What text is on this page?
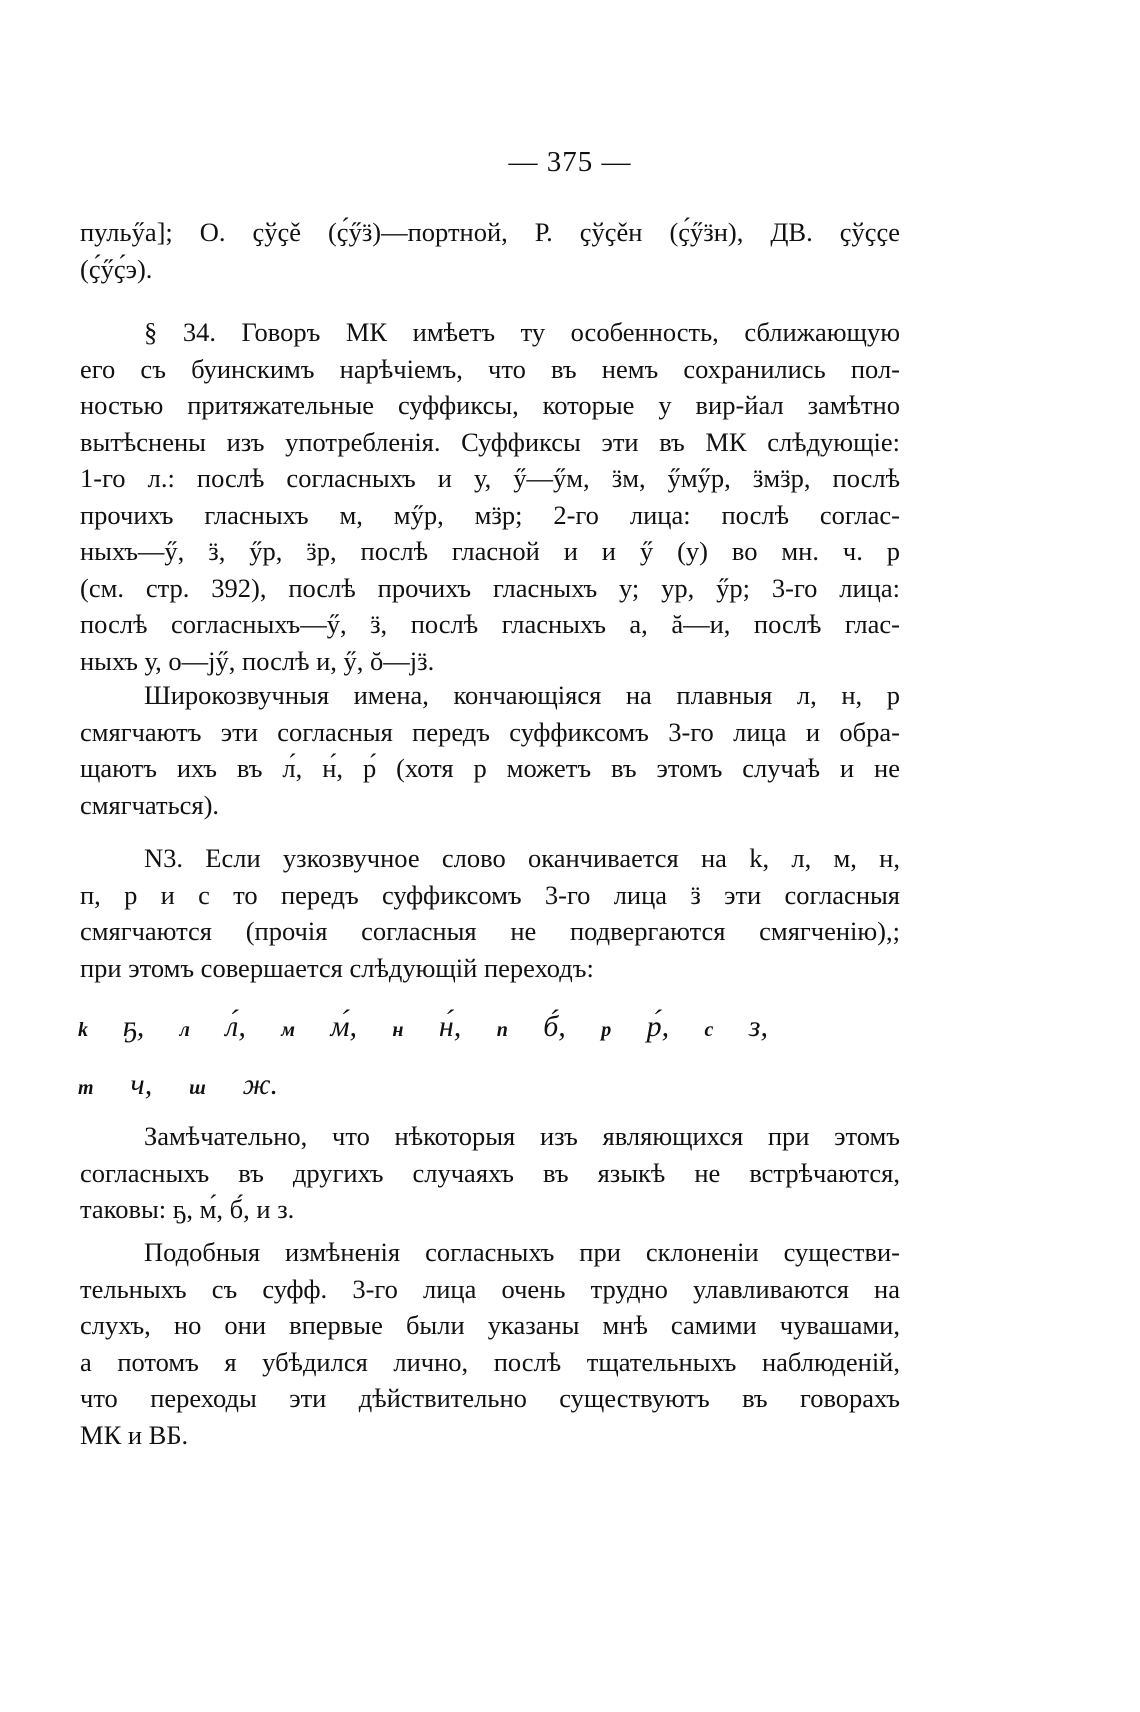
— 375 —
пульӳа]; О. ҫўҫě (ҫ́ӳӟ)—портной, Р. ҫўҫěн (ҫ́ӳӟн), ДВ. ҫўҫҫе
(ҫ́ӳҫ́э).
§ 34. Говоръ МК имѣетъ ту особенность, сближающую
его съ буинскимъ нарѣчіемъ, что въ немъ сохранились пол-
ностью притяжательные суффиксы, которые у вир-йал замѣтно
вытѣснены изъ употребленія. Суффиксы эти въ МК слѣдующіе:
1-го л.: послѣ согласныхъ и у, ӳ—ӳм, ӟм, ӳмӳр, ӟмӟр, послѣ
прочихъ гласныхъ м, мӳр, мӟр; 2-го лица: послѣ соглас-
ныхъ—ӳ, ӟ, ӳр, ӟр, послѣ гласной и и ӳ (у) во мн. ч. р
(см. стр. 392), послѣ прочихъ гласныхъ у; ур, ӳр; 3-го лица:
послѣ согласныхъ—ӳ, ӟ, послѣ гласныхъ а, ă—и, послѣ глас-
ныхъ у, о—јӳ, послѣ и, ӳ, ŏ—јӟ.
Широкозвучныя имена, кончающіяся на плавныя л, н, р
смягчаютъ эти согласныя передъ суффиксомъ 3-го лица и обра-
щаютъ ихъ въ л́, н́, р́ (хотя р можетъ въ этомъ случаѣ и не
смягчаться).
N3. Если узкозвучное слово оканчивается на k, л, м, н,
п, р и с то передъ суффиксомъ 3-го лица ӟ эти согласныя
смягчаются (прочія согласныя не подвергаются смягченію),;
при этомъ совершается слѣдующій переходъ:
k ҕ, л л́, м м́, н н́, п б́, р р́, с з,
т ч, ш ж.
Замѣчательно, что нѣкоторыя изъ являющихся при этомъ
согласныхъ въ другихъ случаяхъ въ языкѣ не встрѣчаются,
таковы: ҕ, м́, б́, и з.
Подобныя измѣненія согласныхъ при склоненіи существи-
тельныхъ съ суфф. 3-го лица очень трудно улавливаются на
слухъ, но они впервые были указаны мнѣ самими чувашами,
а потомъ я убѣдился лично, послѣ тщательныхъ наблюденій,
что переходы эти дѣйствительно существуютъ въ говорахъ
МК и ВБ.
